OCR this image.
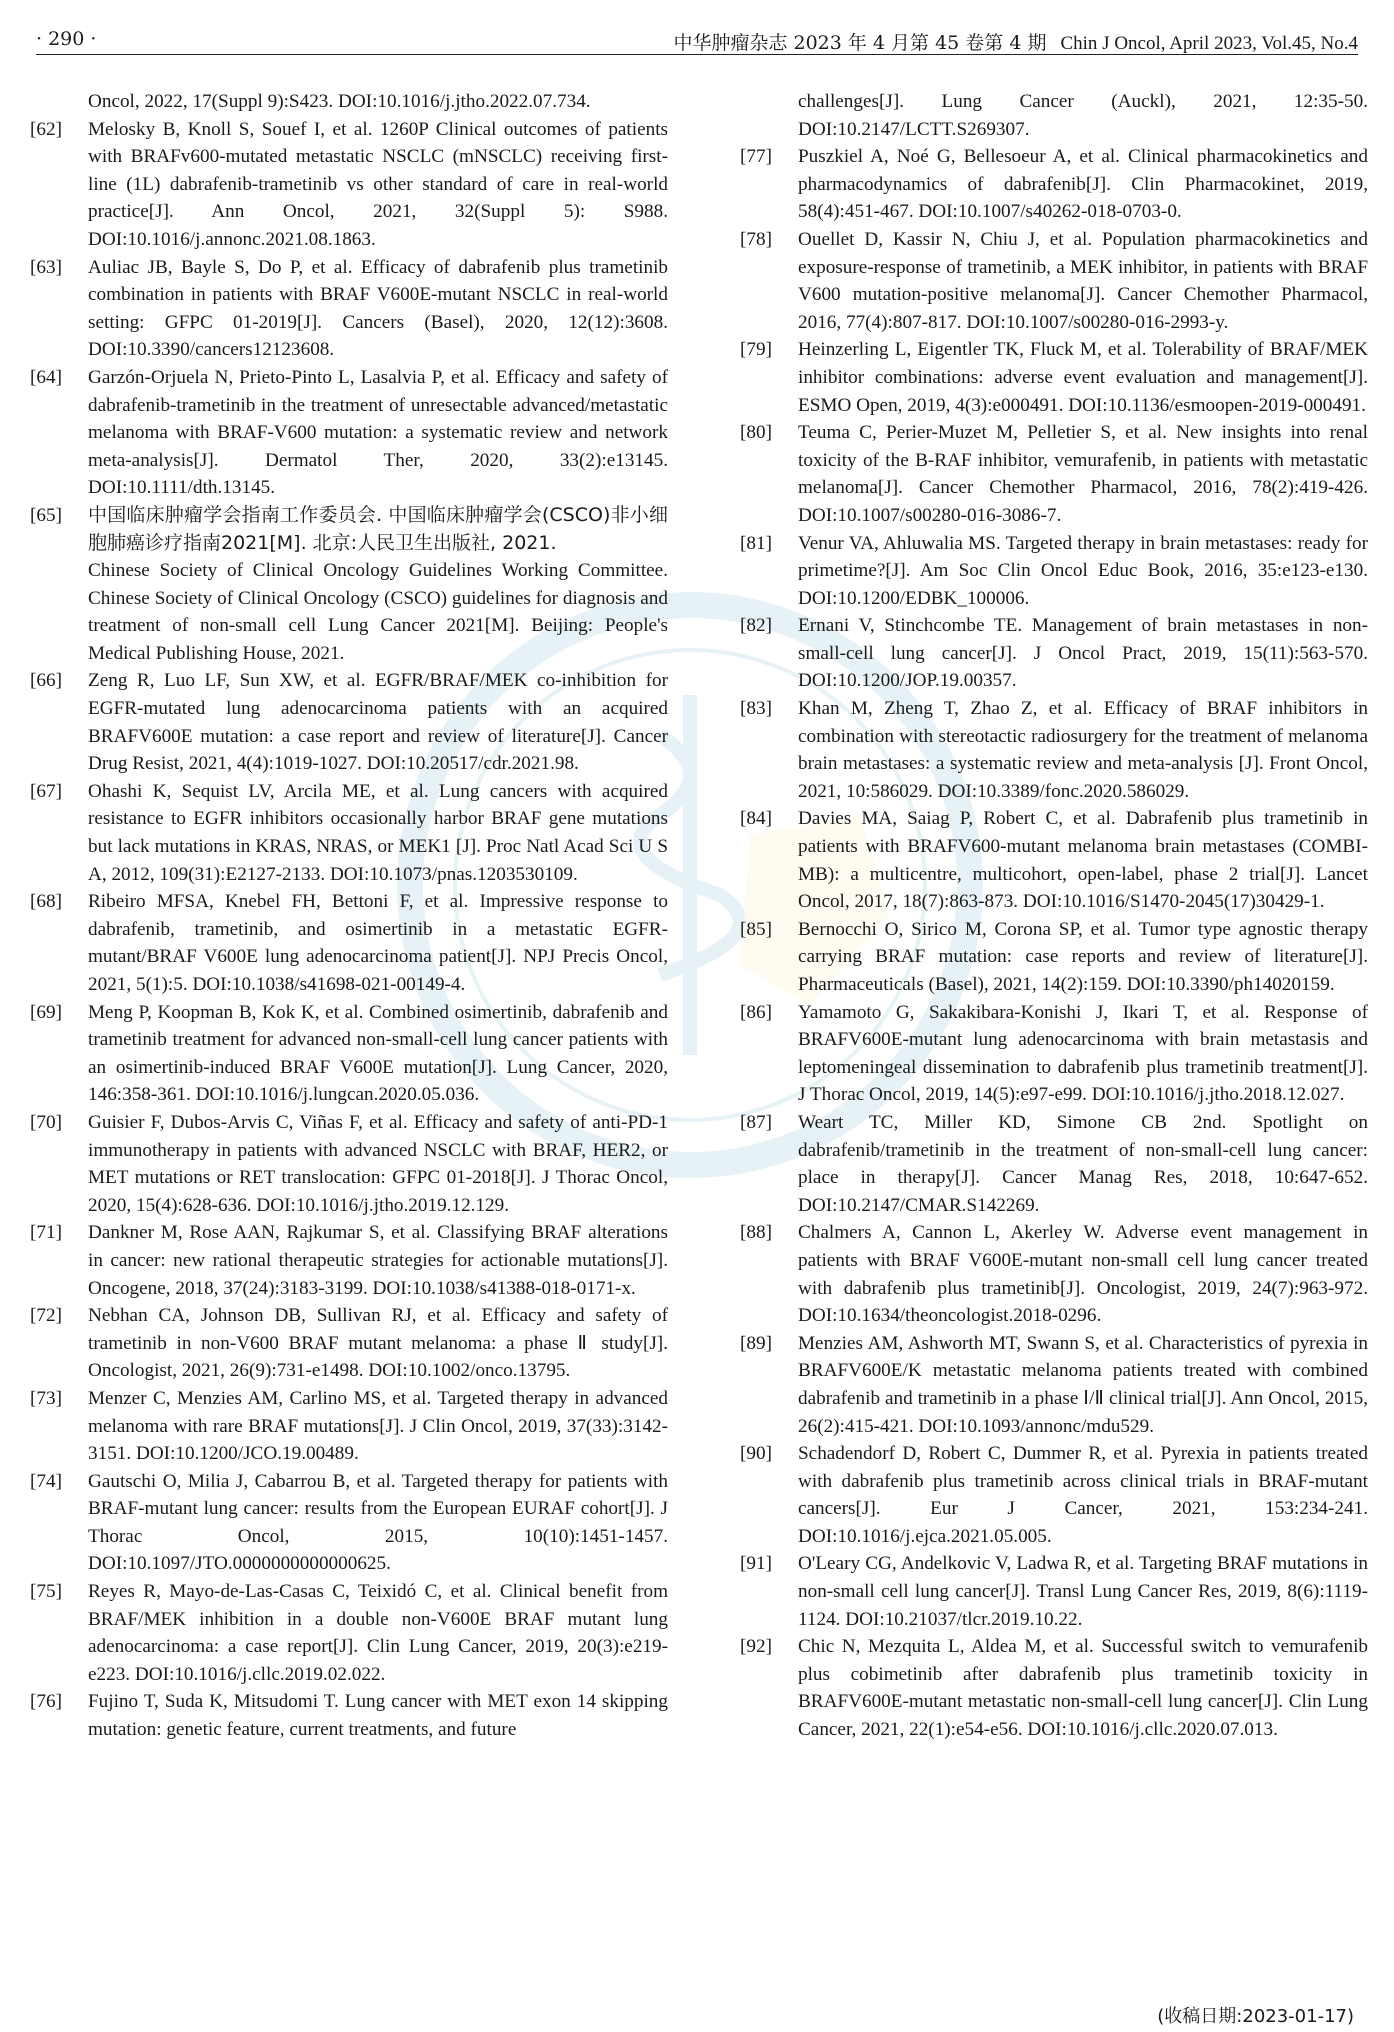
· 290 ·	中华肿瘤杂志 2023 年 4 月第 45 卷第 4 期 Chin J Oncol, April 2023, Vol.45, No.4

Oncol, 2022, 17(Suppl 9):S423. DOI:10.1016/j.jtho.2022.07.734.

[62] Melosky B, Knoll S, Souef I, et al. 1260P Clinical outcomes of patients with BRAFv600-mutated metastatic NSCLC (mNSCLC) receiving first-line (1L) dabrafenib-trametinib vs other standard of care in real-world practice[J]. Ann Oncol, 2021, 32(Suppl 5): S988. DOI:10.1016/j.annonc.2021.08.1863.

[63] Auliac JB, Bayle S, Do P, et al. Efficacy of dabrafenib plus trametinib combination in patients with BRAF V600E-mutant NSCLC in real-world setting: GFPC 01-2019[J]. Cancers (Basel), 2020, 12(12):3608. DOI:10.3390/cancers12123608.

[64] Garzón-Orjuela N, Prieto-Pinto L, Lasalvia P, et al. Efficacy and safety of dabrafenib-trametinib in the treatment of unresectable advanced/metastatic melanoma with BRAF-V600 mutation: a systematic review and network meta-analysis[J]. Dermatol Ther, 2020, 33(2):e13145. DOI:10.1111/dth.13145.

[65] 中国临床肿瘤学会指南工作委员会. 中国临床肿瘤学会(CSCO)非小细胞肺癌诊疗指南2021[M]. 北京:人民卫生出版社, 2021.
Chinese Society of Clinical Oncology Guidelines Working Committee. Chinese Society of Clinical Oncology (CSCO) guidelines for diagnosis and treatment of non-small cell Lung Cancer 2021[M]. Beijing: People's Medical Publishing House, 2021.

[66] Zeng R, Luo LF, Sun XW, et al. EGFR/BRAF/MEK co-inhibition for EGFR-mutated lung adenocarcinoma patients with an acquired BRAFV600E mutation: a case report and review of literature[J]. Cancer Drug Resist, 2021, 4(4):1019-1027. DOI:10.20517/cdr.2021.98.

[67] Ohashi K, Sequist LV, Arcila ME, et al. Lung cancers with acquired resistance to EGFR inhibitors occasionally harbor BRAF gene mutations but lack mutations in KRAS, NRAS, or MEK1 [J]. Proc Natl Acad Sci U S A, 2012, 109(31):E2127-2133. DOI:10.1073/pnas.1203530109.

[68] Ribeiro MFSA, Knebel FH, Bettoni F, et al. Impressive response to dabrafenib, trametinib, and osimertinib in a metastatic EGFR-mutant/BRAF V600E lung adenocarcinoma patient[J]. NPJ Precis Oncol, 2021, 5(1):5. DOI:10.1038/s41698-021-00149-4.

[69] Meng P, Koopman B, Kok K, et al. Combined osimertinib, dabrafenib and trametinib treatment for advanced non-small-cell lung cancer patients with an osimertinib-induced BRAF V600E mutation[J]. Lung Cancer, 2020, 146:358-361. DOI:10.1016/j.lungcan.2020.05.036.

[70] Guisier F, Dubos-Arvis C, Viñas F, et al. Efficacy and safety of anti-PD-1 immunotherapy in patients with advanced NSCLC with BRAF, HER2, or MET mutations or RET translocation: GFPC 01-2018[J]. J Thorac Oncol, 2020, 15(4):628-636. DOI:10.1016/j.jtho.2019.12.129.

[71] Dankner M, Rose AAN, Rajkumar S, et al. Classifying BRAF alterations in cancer: new rational therapeutic strategies for actionable mutations[J]. Oncogene, 2018, 37(24):3183-3199. DOI:10.1038/s41388-018-0171-x.

[72] Nebhan CA, Johnson DB, Sullivan RJ, et al. Efficacy and safety of trametinib in non-V600 BRAF mutant melanoma: a phase Ⅱ study[J]. Oncologist, 2021, 26(9):731-e1498. DOI:10.1002/onco.13795.

[73] Menzer C, Menzies AM, Carlino MS, et al. Targeted therapy in advanced melanoma with rare BRAF mutations[J]. J Clin Oncol, 2019, 37(33):3142-3151. DOI:10.1200/JCO.19.00489.

[74] Gautschi O, Milia J, Cabarrou B, et al. Targeted therapy for patients with BRAF-mutant lung cancer: results from the European EURAF cohort[J]. J Thorac Oncol, 2015, 10(10):1451-1457. DOI:10.1097/JTO.0000000000000625.

[75] Reyes R, Mayo-de-Las-Casas C, Teixidó C, et al. Clinical benefit from BRAF/MEK inhibition in a double non-V600E BRAF mutant lung adenocarcinoma: a case report[J]. Clin Lung Cancer, 2019, 20(3):e219-e223. DOI:10.1016/j.cllc.2019.02.022.

[76] Fujino T, Suda K, Mitsudomi T. Lung cancer with MET exon 14 skipping mutation: genetic feature, current treatments, and future

challenges[J]. Lung Cancer (Auckl), 2021, 12:35-50. DOI:10.2147/LCTT.S269307.

[77] Puszkiel A, Noé G, Bellesoeur A, et al. Clinical pharmacokinetics and pharmacodynamics of dabrafenib[J]. Clin Pharmacokinet, 2019, 58(4):451-467. DOI:10.1007/s40262-018-0703-0.

[78] Ouellet D, Kassir N, Chiu J, et al. Population pharmacokinetics and exposure-response of trametinib, a MEK inhibitor, in patients with BRAF V600 mutation-positive melanoma[J]. Cancer Chemother Pharmacol, 2016, 77(4):807-817. DOI:10.1007/s00280-016-2993-y.

[79] Heinzerling L, Eigentler TK, Fluck M, et al. Tolerability of BRAF/MEK inhibitor combinations: adverse event evaluation and management[J]. ESMO Open, 2019, 4(3):e000491. DOI:10.1136/esmoopen-2019-000491.

[80] Teuma C, Perier-Muzet M, Pelletier S, et al. New insights into renal toxicity of the B-RAF inhibitor, vemurafenib, in patients with metastatic melanoma[J]. Cancer Chemother Pharmacol, 2016, 78(2):419-426. DOI:10.1007/s00280-016-3086-7.

[81] Venur VA, Ahluwalia MS. Targeted therapy in brain metastases: ready for primetime?[J]. Am Soc Clin Oncol Educ Book, 2016, 35:e123-e130. DOI:10.1200/EDBK_100006.

[82] Ernani V, Stinchcombe TE. Management of brain metastases in non-small-cell lung cancer[J]. J Oncol Pract, 2019, 15(11):563-570. DOI:10.1200/JOP.19.00357.

[83] Khan M, Zheng T, Zhao Z, et al. Efficacy of BRAF inhibitors in combination with stereotactic radiosurgery for the treatment of melanoma brain metastases: a systematic review and meta-analysis [J]. Front Oncol, 2021, 10:586029. DOI:10.3389/fonc.2020.586029.

[84] Davies MA, Saiag P, Robert C, et al. Dabrafenib plus trametinib in patients with BRAFV600-mutant melanoma brain metastases (COMBI-MB): a multicentre, multicohort, open-label, phase 2 trial[J]. Lancet Oncol, 2017, 18(7):863-873. DOI:10.1016/S1470-2045(17)30429-1.

[85] Bernocchi O, Sirico M, Corona SP, et al. Tumor type agnostic therapy carrying BRAF mutation: case reports and review of literature[J]. Pharmaceuticals (Basel), 2021, 14(2):159. DOI:10.3390/ph14020159.

[86] Yamamoto G, Sakakibara-Konishi J, Ikari T, et al. Response of BRAFV600E-mutant lung adenocarcinoma with brain metastasis and leptomeningeal dissemination to dabrafenib plus trametinib treatment[J]. J Thorac Oncol, 2019, 14(5):e97-e99. DOI:10.1016/j.jtho.2018.12.027.

[87] Weart TC, Miller KD, Simone CB 2nd. Spotlight on dabrafenib/trametinib in the treatment of non-small-cell lung cancer: place in therapy[J]. Cancer Manag Res, 2018, 10:647-652. DOI:10.2147/CMAR.S142269.

[88] Chalmers A, Cannon L, Akerley W. Adverse event management in patients with BRAF V600E-mutant non-small cell lung cancer treated with dabrafenib plus trametinib[J]. Oncologist, 2019, 24(7):963-972. DOI:10.1634/theoncologist.2018-0296.

[89] Menzies AM, Ashworth MT, Swann S, et al. Characteristics of pyrexia in BRAFV600E/K metastatic melanoma patients treated with combined dabrafenib and trametinib in a phase Ⅰ/Ⅱ clinical trial[J]. Ann Oncol, 2015, 26(2):415-421. DOI:10.1093/annonc/mdu529.

[90] Schadendorf D, Robert C, Dummer R, et al. Pyrexia in patients treated with dabrafenib plus trametinib across clinical trials in BRAF-mutant cancers[J]. Eur J Cancer, 2021, 153:234-241. DOI:10.1016/j.ejca.2021.05.005.

[91] O'Leary CG, Andelkovic V, Ladwa R, et al. Targeting BRAF mutations in non-small cell lung cancer[J]. Transl Lung Cancer Res, 2019, 8(6):1119-1124. DOI:10.21037/tlcr.2019.10.22.

[92] Chic N, Mezquita L, Aldea M, et al. Successful switch to vemurafenib plus cobimetinib after dabrafenib plus trametinib toxicity in BRAFV600E-mutant metastatic non-small-cell lung cancer[J]. Clin Lung Cancer, 2021, 22(1):e54-e56. DOI:10.1016/j.cllc.2020.07.013.

(收稿日期:2023-01-17)
